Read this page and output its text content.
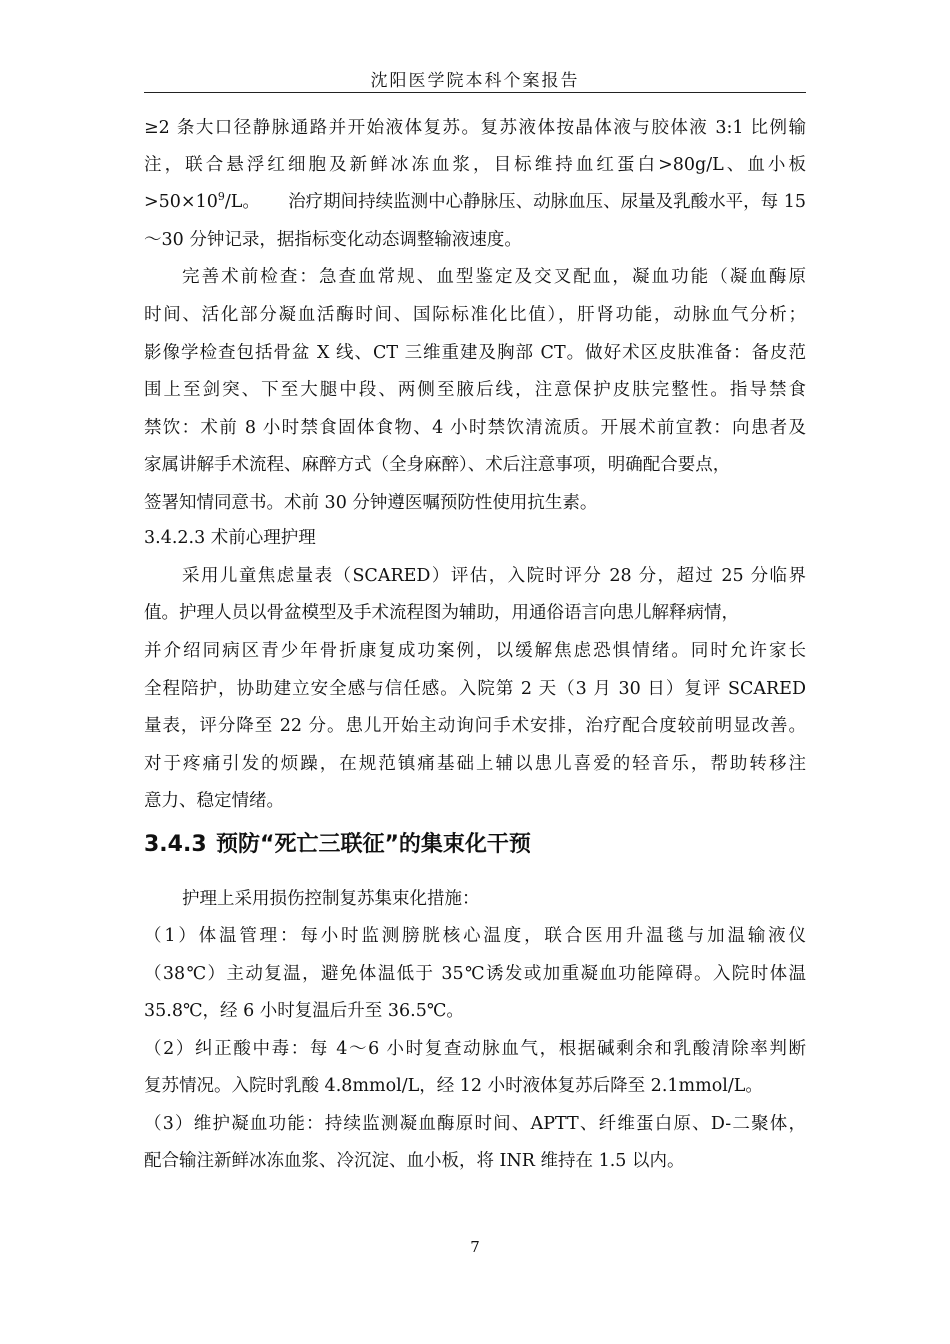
沈阳医学院本科个案报告
≥2 条大口径静脉通路并开始液体复苏。复苏液体按晶体液与胶体液 3:1 比例输
注，联合悬浮红细胞及新鲜冰冻血浆，目标维持血红蛋白>80g/L、血小板
$>50\times 10^9/L$。 治疗期间持续监测中心静脉压、动脉血压、尿量及乳酸水平，每 15
～30 分钟记录，据指标变化动态调整输液速度。
完善术前检查：急查血常规、血型鉴定及交叉配血，凝血功能（凝血酶原
时间、活化部分凝血活酶时间、国际标准化比值），肝肾功能，动脉血气分析；
影像学检查包括骨盆 X 线、CT 三维重建及胸部 CT。做好术区皮肤准备：备皮范
围上至剑突、下至大腿中段、两侧至腋后线，注意保护皮肤完整性。指导禁食
禁饮：术前 8 小时禁食固体食物、4 小时禁饮清流质。开展术前宣教：向患者及
家属讲解手术流程、麻醉方式（全身麻醉）、术后注意事项，明确配合要点，
签署知情同意书。术前 30 分钟遵医嘱预防性使用抗生素。
3.4.2.3 术前心理护理
采用儿童焦虑量表（SCARED）评估，入院时评分 28 分，超过 25 分临界
值。护理人员以骨盆模型及手术流程图为辅助，用通俗语言向患儿解释病情，
并介绍同病区青少年骨折康复成功案例，以缓解焦虑恐惧情绪。同时允许家长
全程陪护，协助建立安全感与信任感。入院第 2 天（3 月 30 日）复评 SCARED
量表，评分降至 22 分。患儿开始主动询问手术安排，治疗配合度较前明显改善。
对于疼痛引发的烦躁，在规范镇痛基础上辅以患儿喜爱的轻音乐，帮助转移注
意力、稳定情绪。
3.4.3 预防“死亡三联征”的集束化干预
护理上采用损伤控制复苏集束化措施：
（1）体温管理：每小时监测膀胱核心温度，联合医用升温毯与加温输液仪
（38℃）主动复温，避免体温低于 35℃诱发或加重凝血功能障碍。入院时体温
35.8℃，经 6 小时复温后升至 36.5℃。
（2）纠正酸中毒：每 4～6 小时复查动脉血气，根据碱剩余和乳酸清除率判断
复苏情况。入院时乳酸 4.8mmol/L，经 12 小时液体复苏后降至 2.1mmol/L。
（3）维护凝血功能：持续监测凝血酶原时间、APTT、纤维蛋白原、D-二聚体，
配合输注新鲜冰冻血浆、冷沉淀、血小板，将 INR 维持在 1.5 以内。
7
